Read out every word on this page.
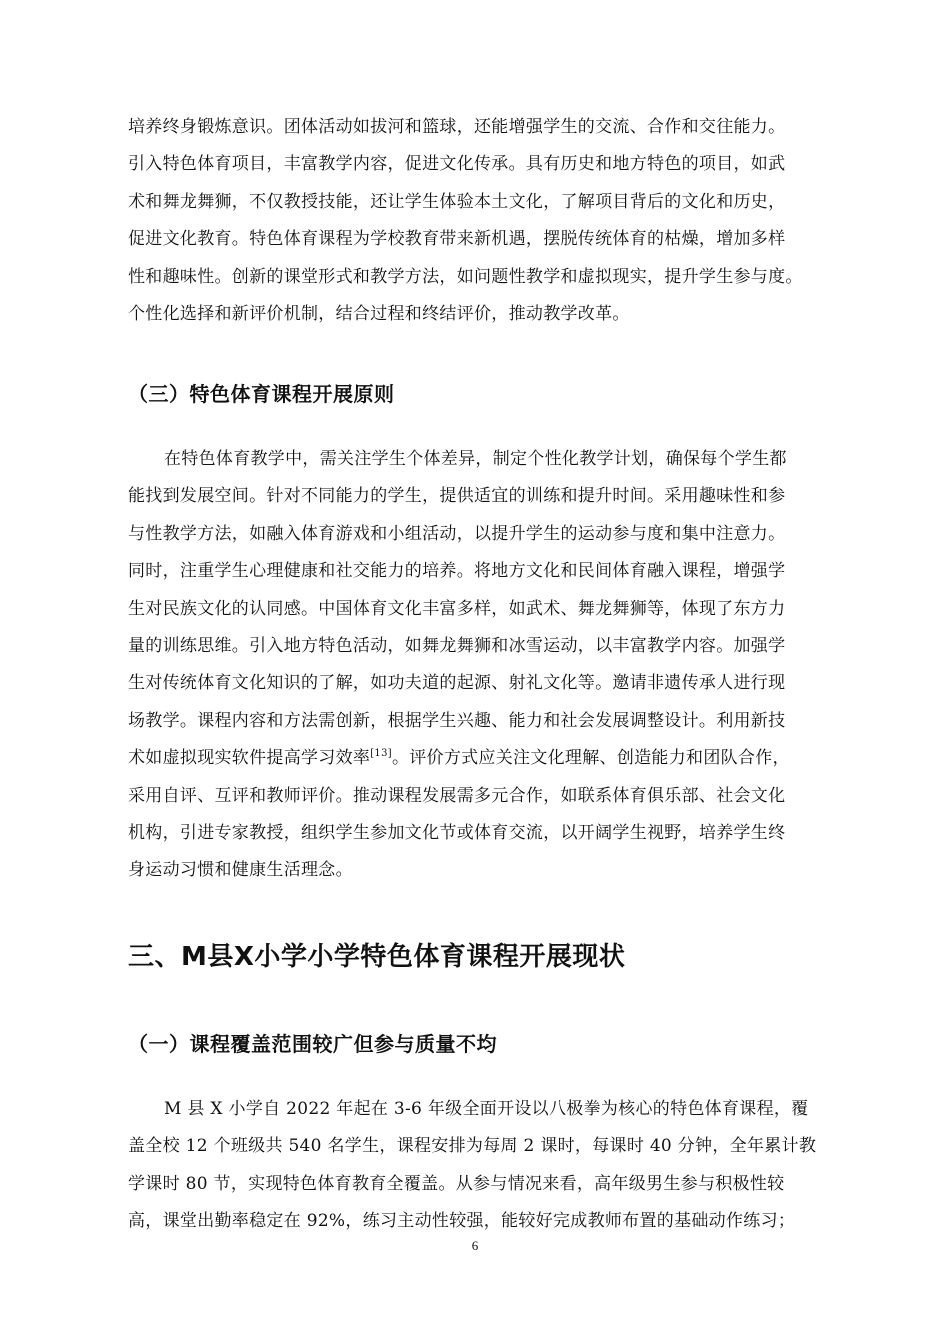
培养终身锻炼意识。团体活动如拔河和篮球，还能增强学生的交流、合作和交往能力。
引入特色体育项目，丰富教学内容，促进文化传承。具有历史和地方特色的项目，如武
术和舞龙舞狮，不仅教授技能，还让学生体验本土文化，了解项目背后的文化和历史，
促进文化教育。特色体育课程为学校教育带来新机遇，摆脱传统体育的枯燥，增加多样
性和趣味性。创新的课堂形式和教学方法，如问题性教学和虚拟现实，提升学生参与度。
个性化选择和新评价机制，结合过程和终结评价，推动教学改革。
（三）特色体育课程开展原则
在特色体育教学中，需关注学生个体差异，制定个性化教学计划，确保每个学生都
能找到发展空间。针对不同能力的学生，提供适宜的训练和提升时间。采用趣味性和参
与性教学方法，如融入体育游戏和小组活动，以提升学生的运动参与度和集中注意力。
同时，注重学生心理健康和社交能力的培养。将地方文化和民间体育融入课程，增强学
生对民族文化的认同感。中国体育文化丰富多样，如武术、舞龙舞狮等，体现了东方力
量的训练思维。引入地方特色活动，如舞龙舞狮和冰雪运动，以丰富教学内容。加强学
生对传统体育文化知识的了解，如功夫道的起源、射礼文化等。邀请非遗传承人进行现
场教学。课程内容和方法需创新，根据学生兴趣、能力和社会发展调整设计。利用新技
术如虚拟现实软件提高学习效率[13]。评价方式应关注文化理解、创造能力和团队合作，
采用自评、互评和教师评价。推动课程发展需多元合作，如联系体育俱乐部、社会文化
机构，引进专家教授，组织学生参加文化节或体育交流，以开阔学生视野，培养学生终
身运动习惯和健康生活理念。
三、M县X小学小学特色体育课程开展现状
（一）课程覆盖范围较广但参与质量不均
M 县 X 小学自 2022 年起在 3-6 年级全面开设以八极拳为核心的特色体育课程，覆
盖全校 12 个班级共 540 名学生，课程安排为每周 2 课时，每课时 40 分钟，全年累计教
学课时 80 节，实现特色体育教育全覆盖。从参与情况来看，高年级男生参与积极性较
高，课堂出勤率稳定在 92%，练习主动性较强，能较好完成教师布置的基础动作练习；
6
